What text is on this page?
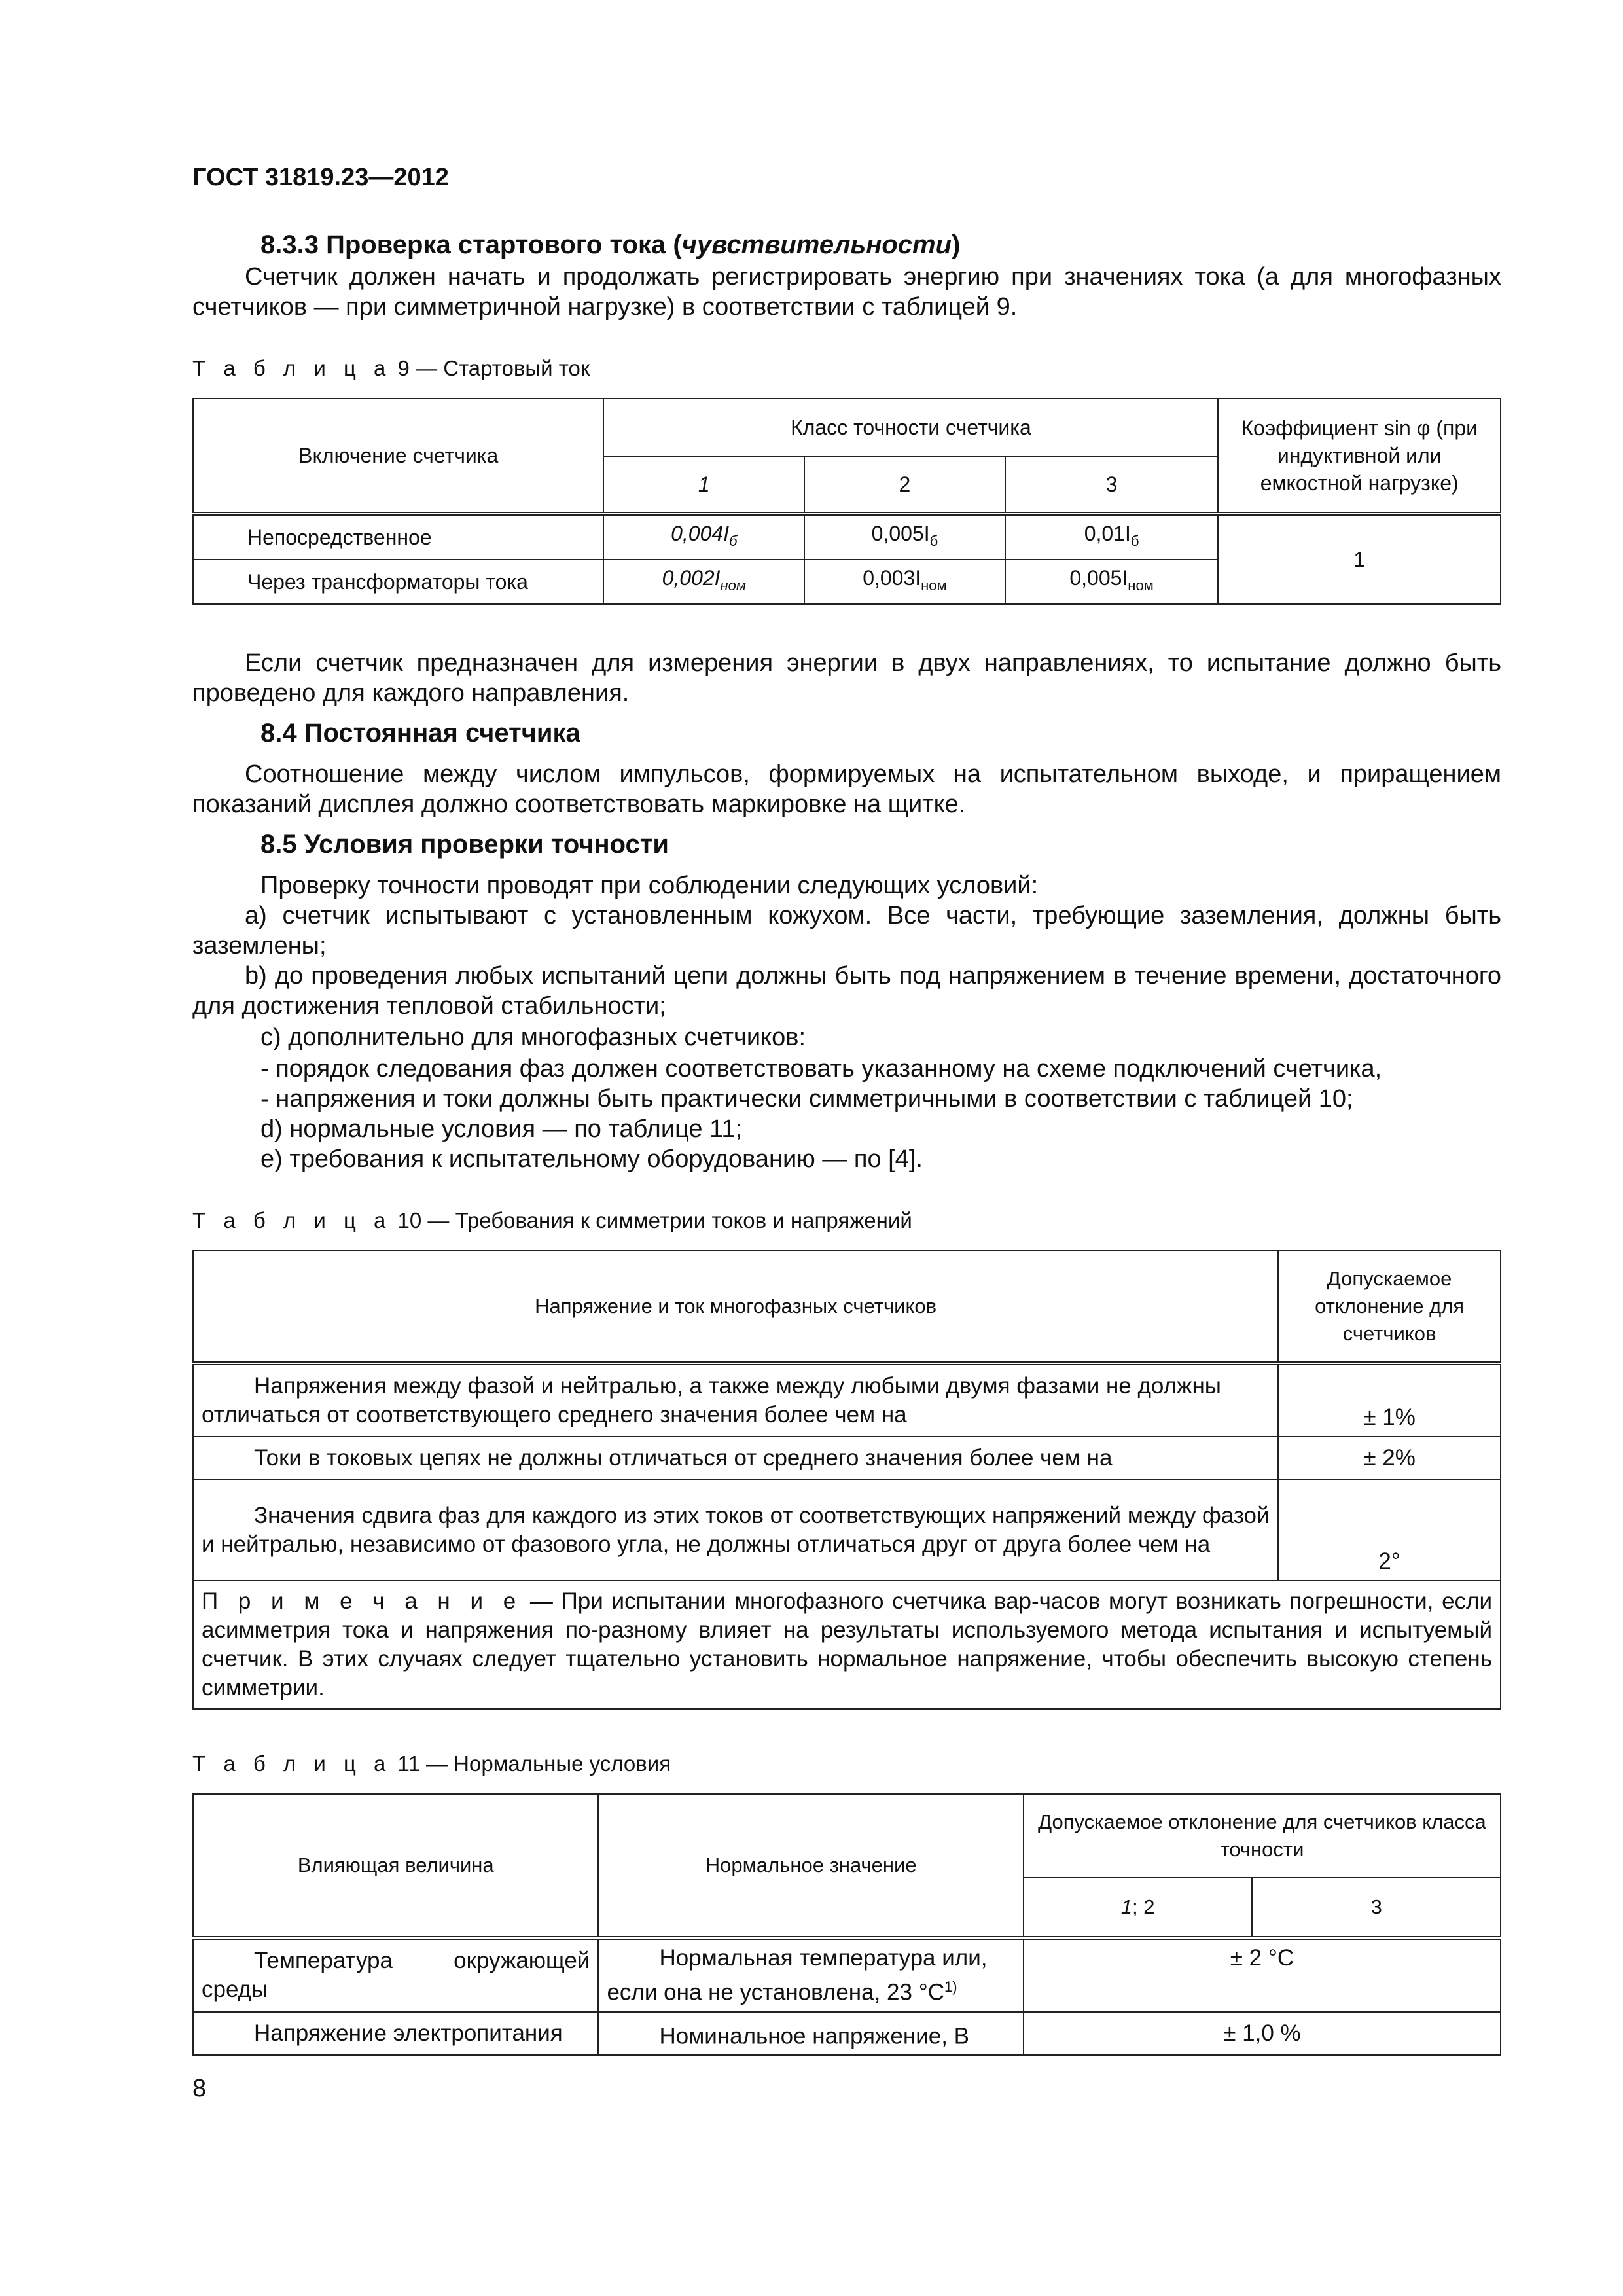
ГОСТ 31819.23—2012
8.3.3 Проверка стартового тока (чувствительности)
Счетчик должен начать и продолжать регистрировать энергию при значениях тока (а для многофазных счетчиков — при симметричной нагрузке) в соответствии с таблицей 9.
Т а б л и ц а 9 — Стартовый ток
Включение счетчика	Класс точности счетчика			Коэффициент sin φ (при индуктивной или емкостной нагрузке)
	1	2	3	
Непосредственное	$0,004I_б$	$0,005I_б$	$0,01I_б$	1
Через трансформаторы тока	$0,002I_{ном}$	$0,003I_{ном}$	$0,005I_{ном}$
Если счетчик предназначен для измерения энергии в двух направлениях, то испытание должно быть проведено для каждого направления.
8.4 Постоянная счетчика
Соотношение между числом импульсов, формируемых на испытательном выходе, и приращением показаний дисплея должно соответствовать маркировке на щитке.
8.5 Условия проверки точности
Проверку точности проводят при соблюдении следующих условий:
a) счетчик испытывают с установленным кожухом. Все части, требующие заземления, должны быть заземлены;
b) до проведения любых испытаний цепи должны быть под напряжением в течение времени, достаточного для достижения тепловой стабильности;
c) дополнительно для многофазных счетчиков:
- порядок следования фаз должен соответствовать указанному на схеме подключений счетчика,
- напряжения и токи должны быть практически симметричными в соответствии с таблицей 10;
d) нормальные условия — по таблице 11;
e) требования к испытательному оборудованию — по [4].
Т а б л и ц а 10 — Требования к симметрии токов и напряжений
Напряжение и ток многофазных счетчиков	Допускаемое отклонение для счетчиков
Напряжения между фазой и нейтралью, а также между любыми двумя фазами не должны отличаться от соответствующего среднего значения более чем на	± 1%
Токи в токовых цепях не должны отличаться от среднего значения более чем на	± 2%
Значения сдвига фаз для каждого из этих токов от соответствующих напряжений между фазой и нейтралью, независимо от фазового угла, не должны отличаться друг от друга более чем на	2°
П р и м е ч а н и е — При испытании многофазного счетчика вар-часов могут возникать погрешности, если асимметрия тока и напряжения по-разному влияет на результаты используемого метода испытания и испытуемый счетчик. В этих случаях следует тщательно установить нормальное напряжение, чтобы обеспечить высокую степень симметрии.	
Т а б л и ц а 11 — Нормальные условия
Влияющая величина	Нормальное значение	Допускаемое отклонение для счетчиков класса точности	
		1; 2	3
Температура окружающей среды	Нормальная температура или, если она не установлена, 23 $^\circ C^{1)}$	± 2 °С	
Напряжение электропитания	Номинальное напряжение, В	± 1,0 %	
8
